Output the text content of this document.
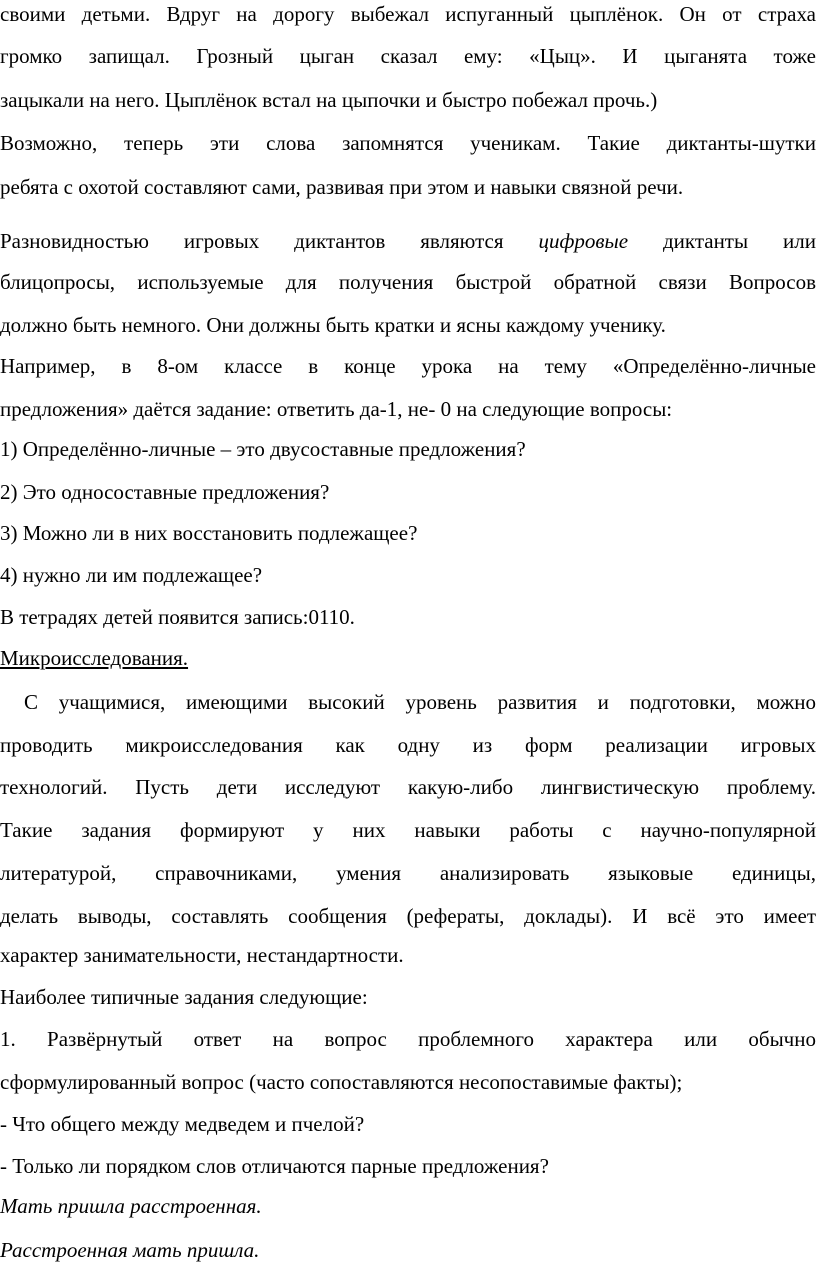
своими детьми. Вдруг на дорогу выбежал испуганный цыплёнок. Он от страха
громко запищал. Грозный цыган сказал ему: «Цыц». И цыганята тоже
зацыкали на него. Цыплёнок встал на цыпочки и быстро побежал прочь.)
Возможно, теперь эти слова запомнятся ученикам. Такие диктанты-шутки
ребята с охотой составляют сами, развивая при этом и навыки связной речи.
Разновидностью игровых диктантов являются цифровые диктанты или
блицопросы, используемые для получения быстрой обратной связи Вопросов
должно быть немного. Они должны быть кратки и ясны каждому ученику.
Например, в 8-ом классе в конце урока на тему «Определённо-личные
предложения» даётся задание: ответить да-1, не- 0 на следующие вопросы:
1) Определённо-личные – это двусоставные предложения?
2) Это односоставные предложения?
3) Можно ли в них восстановить подлежащее?
4) нужно ли им подлежащее?
В тетрадях детей появится запись:0110.
Микроисследования.
С учащимися, имеющими высокий уровень развития и подготовки, можно
проводить микроисследования как одну из форм реализации игровых
технологий. Пусть дети исследуют какую-либо лингвистическую проблему.
Такие задания формируют у них навыки работы с научно-популярной
литературой, справочниками, умения анализировать языковые единицы,
делать выводы, составлять сообщения (рефераты, доклады). И всё это имеет
характер занимательности, нестандартности.
Наиболее типичные задания следующие:
1. Развёрнутый ответ на вопрос проблемного характера или обычно
сформулированный вопрос (часто сопоставляются несопоставимые факты);
- Что общего между медведем и пчелой?
- Только ли порядком слов отличаются парные предложения?
Мать пришла расстроенная.
Расстроенная мать пришла.
